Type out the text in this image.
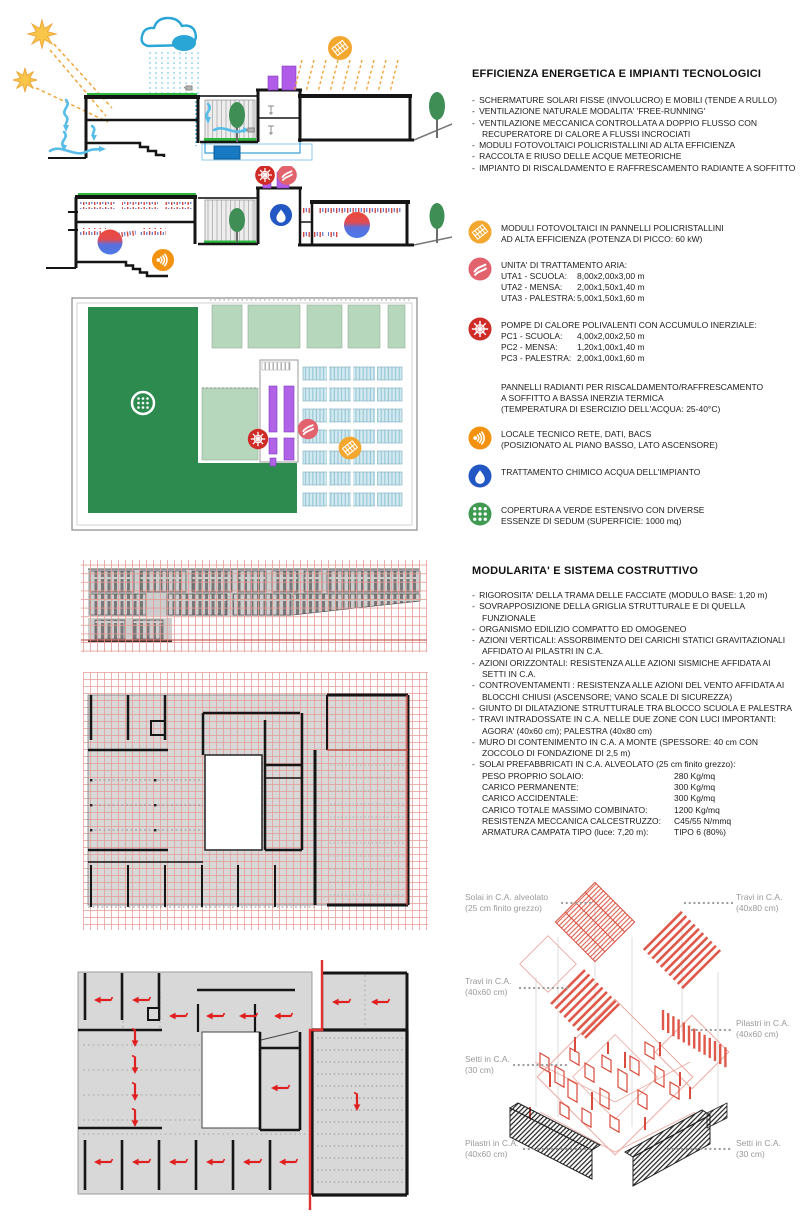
EFFICIENZA ENERGETICA E IMPIANTI TECNOLOGICI
- SCHERMATURE SOLARI FISSE (INVOLUCRO) E MOBILI (TENDE A RULLO)
- VENTILAZIONE NATURALE MODALITA' 'FREE-RUNNING'
- VENTILAZIONE MECCANICA CONTROLLATA A DOPPIO FLUSSO CON RECUPERATORE DI CALORE A FLUSSI INCROCIATI
- MODULI FOTOVOLTAICI POLICRISTALLINI AD ALTA EFFICIENZA
- RACCOLTA E RIUSO DELLE ACQUE METEORICHE
- IMPIANTO DI RISCALDAMENTO E RAFFRESCAMENTO RADIANTE A SOFFITTO
MODULI FOTOVOLTAICI IN PANNELLI POLICRISTALLINI
AD ALTA EFFICIENZA (POTENZA DI PICCO: 60 kW)
UNITA' DI TRATTAMENTO ARIA:
UTA1 - SCUOLA: 8,00x2,00x3,00 m
UTA2 - MENSA: 2,00x1,50x1,40 m
UTA3 - PALESTRA:5,00x1,50x1,60 m
POMPE DI CALORE POLIVALENTI CON ACCUMULO INERZIALE:
PC1 - SCUOLA: 4,00x2,00x2,50 m
PC2 - MENSA: 1,20x1,00x1,40 m
PC3 - PALESTRA: 2,00x1,00x1,60 m
PANNELLI RADIANTI PER RISCALDAMENTO/RAFFRESCAMENTO
A SOFFITTO A BASSA INERZIA TERMICA
(TEMPERATURA DI ESERCIZIO DELL'ACQUA: 25-40°C)
LOCALE TECNICO RETE, DATI, BACS
(POSIZIONATO AL PIANO BASSO, LATO ASCENSORE)
TRATTAMENTO CHIMICO ACQUA DELL'IMPIANTO
COPERTURA A VERDE ESTENSIVO CON DIVERSE
ESSENZE DI SEDUM (SUPERFICIE: 1000 mq)
MODULARITA' E SISTEMA COSTRUTTIVO
- RIGOROSITA' DELLA TRAMA DELLE FACCIATE (MODULO BASE: 1,20 m)
- SOVRAPPOSIZIONE DELLA GRIGLIA STRUTTURALE E DI QUELLA FUNZIONALE
- ORGANISMO EDILIZIO COMPATTO ED OMOGENEO
- AZIONI VERTICALI: ASSORBIMENTO DEI CARICHI STATICI GRAVITAZIONALI AFFIDATO AI PILASTRI IN C.A.
- AZIONI ORIZZONTALI: RESISTENZA ALLE AZIONI SISMICHE AFFIDATA AI SETTI IN C.A.
- CONTROVENTAMENTI : RESISTENZA ALLE AZIONI DEL VENTO AFFIDATA AI BLOCCHI CHIUSI (ASCENSORE; VANO SCALE DI SICUREZZA)
- GIUNTO DI DILATAZIONE STRUTTURALE TRA BLOCCO SCUOLA E PALESTRA
- TRAVI INTRADOSSATE IN C.A. NELLE DUE ZONE CON LUCI IMPORTANTI: AGORA' (40x60 cm); PALESTRA (40x80 cm)
- MURO DI CONTENIMENTO IN C.A. A MONTE (SPESSORE: 40 cm CON ZOCCOLO DI FONDAZIONE DI 2,5 m)
- SOLAI PREFABBRICATI IN C.A. ALVEOLATO (25 cm finito grezzo):
PESO PROPRIO SOLAIO:	280 Kg/mq
CARICO PERMANENTE:	300 Kg/mq
CARICO ACCIDENTALE:	300 Kg/mq
CARICO TOTALE MASSIMO COMBINATO:	1200 Kg/mq
RESISTENZA MECCANICA CALCESTRUZZO: C45/55 N/mmq
ARMATURA CAMPATA TIPO (luce: 7,20 m):	TIPO 6 (80%)
Solai in C.A. alveolato
(25 cm finito grezzo)
Travi in C.A.
(40x80 cm)
Travi in C.A.
(40x60 cm)
Pilastri in C.A.
(40x60 cm)
Setti in C.A.
(30 cm)
Pilastri in C.A.
(40x60 cm)
Setti in C.A.
(30 cm)
